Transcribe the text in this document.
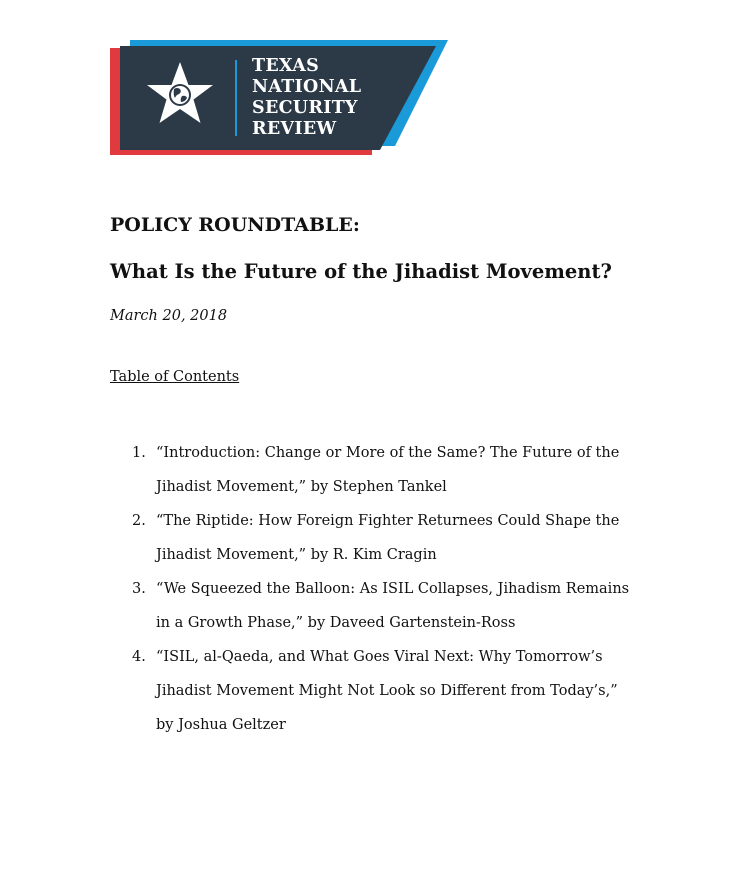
TEXAS
NATIONAL
SECURITY
REVIEW
POLICY ROUNDTABLE:
What Is the Future of the Jihadist Movement?
March 20, 2018
Table of Contents
1. “Introduction: Change or More of the Same? The Future of the
Jihadist Movement,” by Stephen Tankel
2. “The Riptide: How Foreign Fighter Returnees Could Shape the
Jihadist Movement,” by R. Kim Cragin
3. “We Squeezed the Balloon: As ISIL Collapses, Jihadism Remains
in a Growth Phase,” by Daveed Gartenstein-Ross
4. “ISIL, al-Qaeda, and What Goes Viral Next: Why Tomorrow’s
Jihadist Movement Might Not Look so Different from Today’s,”
by Joshua Geltzer
